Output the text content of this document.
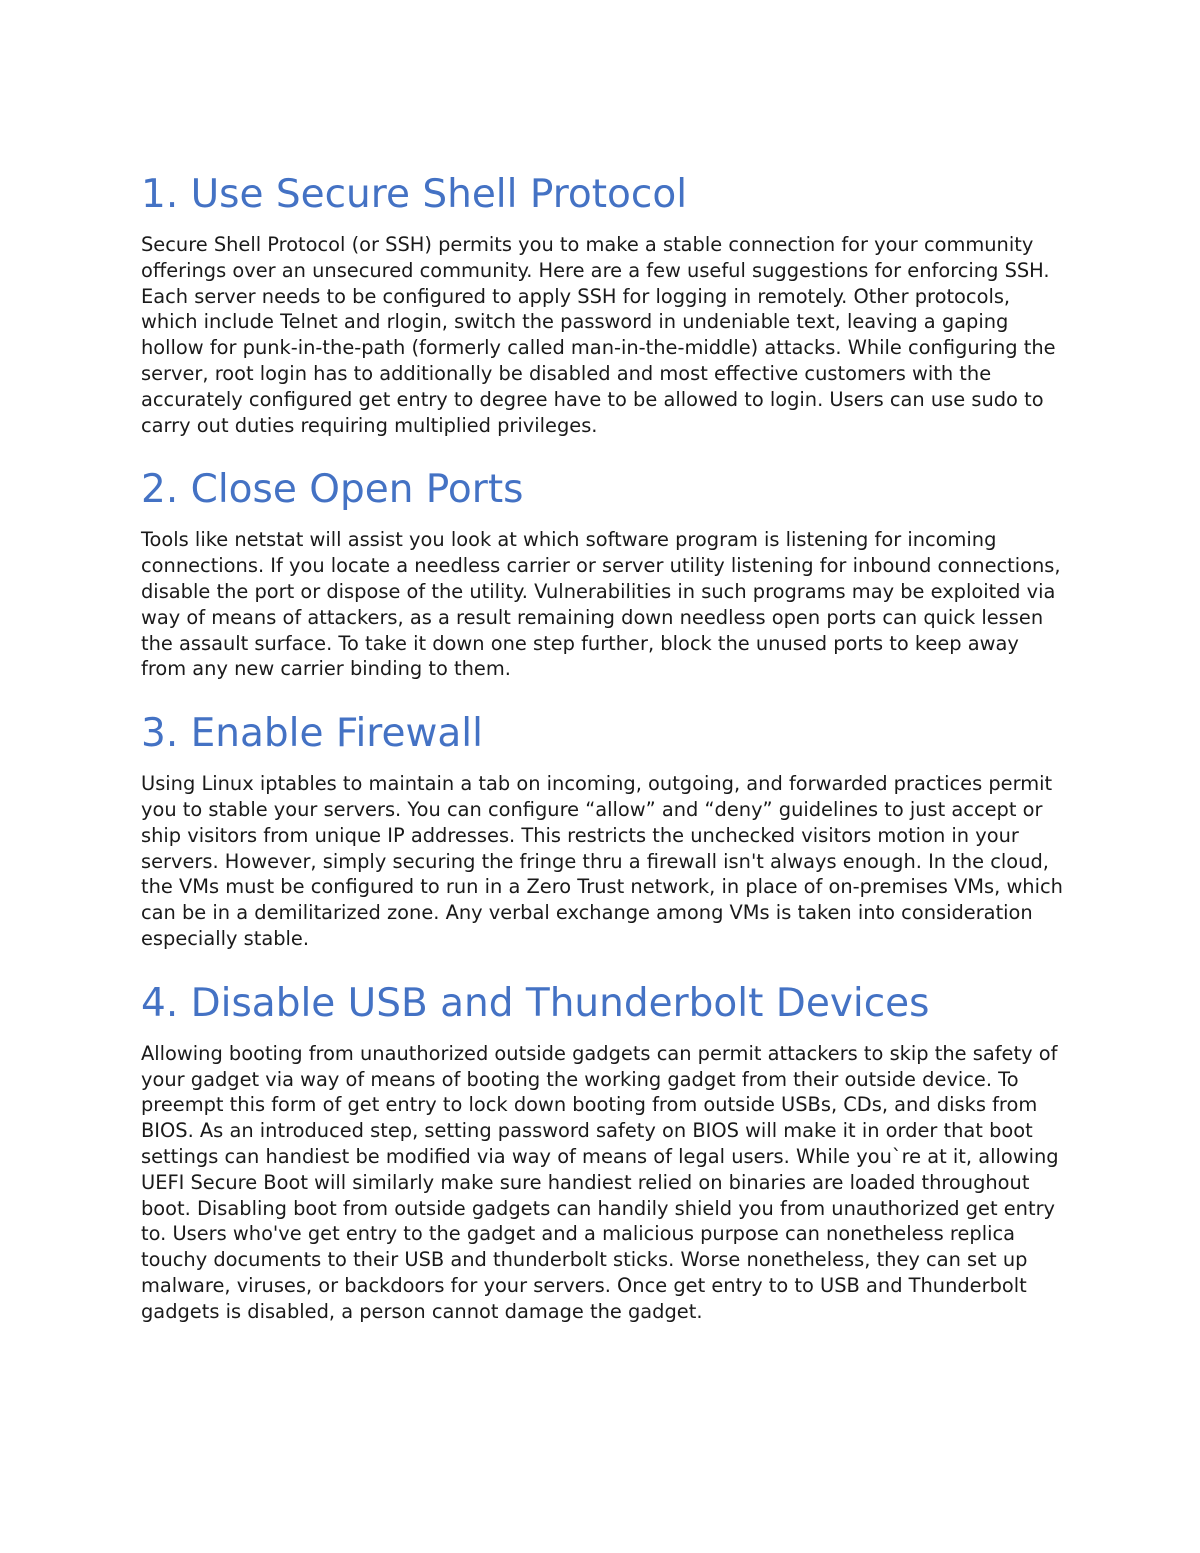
1. Use Secure Shell Protocol

Secure Shell Protocol (or SSH) permits you to make a stable connection for your community offerings over an unsecured community. Here are a few useful suggestions for enforcing SSH. Each server needs to be configured to apply SSH for logging in remotely. Other protocols, which include Telnet and rlogin, switch the password in undeniable text, leaving a gaping hollow for punk-in-the-path (formerly called man-in-the-middle) attacks. While configuring the server, root login has to additionally be disabled and most effective customers with the accurately configured get entry to degree have to be allowed to login. Users can use sudo to carry out duties requiring multiplied privileges.

2. Close Open Ports

Tools like netstat will assist you look at which software program is listening for incoming connections. If you locate a needless carrier or server utility listening for inbound connections, disable the port or dispose of the utility. Vulnerabilities in such programs may be exploited via way of means of attackers, as a result remaining down needless open ports can quick lessen the assault surface. To take it down one step further, block the unused ports to keep away from any new carrier binding to them.

3. Enable Firewall

Using Linux iptables to maintain a tab on incoming, outgoing, and forwarded practices permit you to stable your servers. You can configure “allow” and “deny” guidelines to just accept or ship visitors from unique IP addresses. This restricts the unchecked visitors motion in your servers. However, simply securing the fringe thru a firewall isn't always enough. In the cloud, the VMs must be configured to run in a Zero Trust network, in place of on-premises VMs, which can be in a demilitarized zone. Any verbal exchange among VMs is taken into consideration especially stable.

4. Disable USB and Thunderbolt Devices

Allowing booting from unauthorized outside gadgets can permit attackers to skip the safety of your gadget via way of means of booting the working gadget from their outside device. To preempt this form of get entry to lock down booting from outside USBs, CDs, and disks from BIOS. As an introduced step, setting password safety on BIOS will make it in order that boot settings can handiest be modified via way of means of legal users. While you`re at it, allowing UEFI Secure Boot will similarly make sure handiest relied on binaries are loaded throughout boot. Disabling boot from outside gadgets can handily shield you from unauthorized get entry to. Users who've get entry to the gadget and a malicious purpose can nonetheless replica touchy documents to their USB and thunderbolt sticks. Worse nonetheless, they can set up malware, viruses, or backdoors for your servers. Once get entry to to USB and Thunderbolt gadgets is disabled, a person cannot damage the gadget.
